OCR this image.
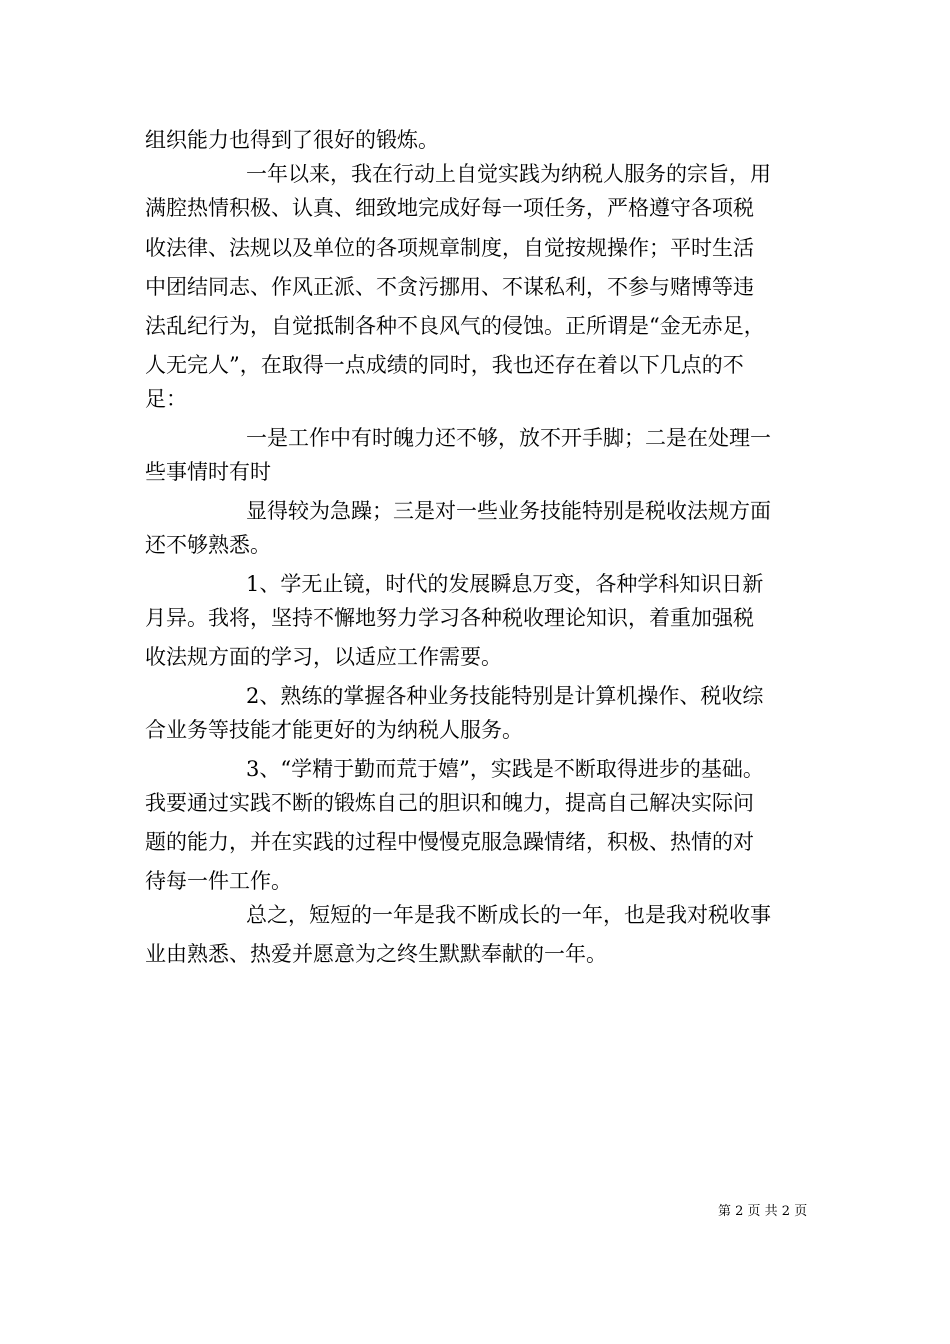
组织能力也得到了很好的锻炼。
一年以来，我在行动上自觉实践为纳税人服务的宗旨，用
满腔热情积极、认真、细致地完成好每一项任务，严格遵守各项税
收法律、法规以及单位的各项规章制度，自觉按规操作；平时生活
中团结同志、作风正派、不贪污挪用、不谋私利，不参与赌博等违
法乱纪行为，自觉抵制各种不良风气的侵蚀。正所谓是“金无赤足，
人无完人”，在取得一点成绩的同时，我也还存在着以下几点的不
足：
一是工作中有时魄力还不够，放不开手脚；二是在处理一
些事情时有时
显得较为急躁；三是对一些业务技能特别是税收法规方面
还不够熟悉。
1、学无止镜，时代的发展瞬息万变，各种学科知识日新
月异。我将，坚持不懈地努力学习各种税收理论知识，着重加强税
收法规方面的学习，以适应工作需要。
2、熟练的掌握各种业务技能特别是计算机操作、税收综
合业务等技能才能更好的为纳税人服务。
3、“学精于勤而荒于嬉”，实践是不断取得进步的基础。
我要通过实践不断的锻炼自己的胆识和魄力，提高自己解决实际问
题的能力，并在实践的过程中慢慢克服急躁情绪，积极、热情的对
待每一件工作。
总之，短短的一年是我不断成长的一年，也是我对税收事
业由熟悉、热爱并愿意为之终生默默奉献的一年。
第 2 页 共 2 页
